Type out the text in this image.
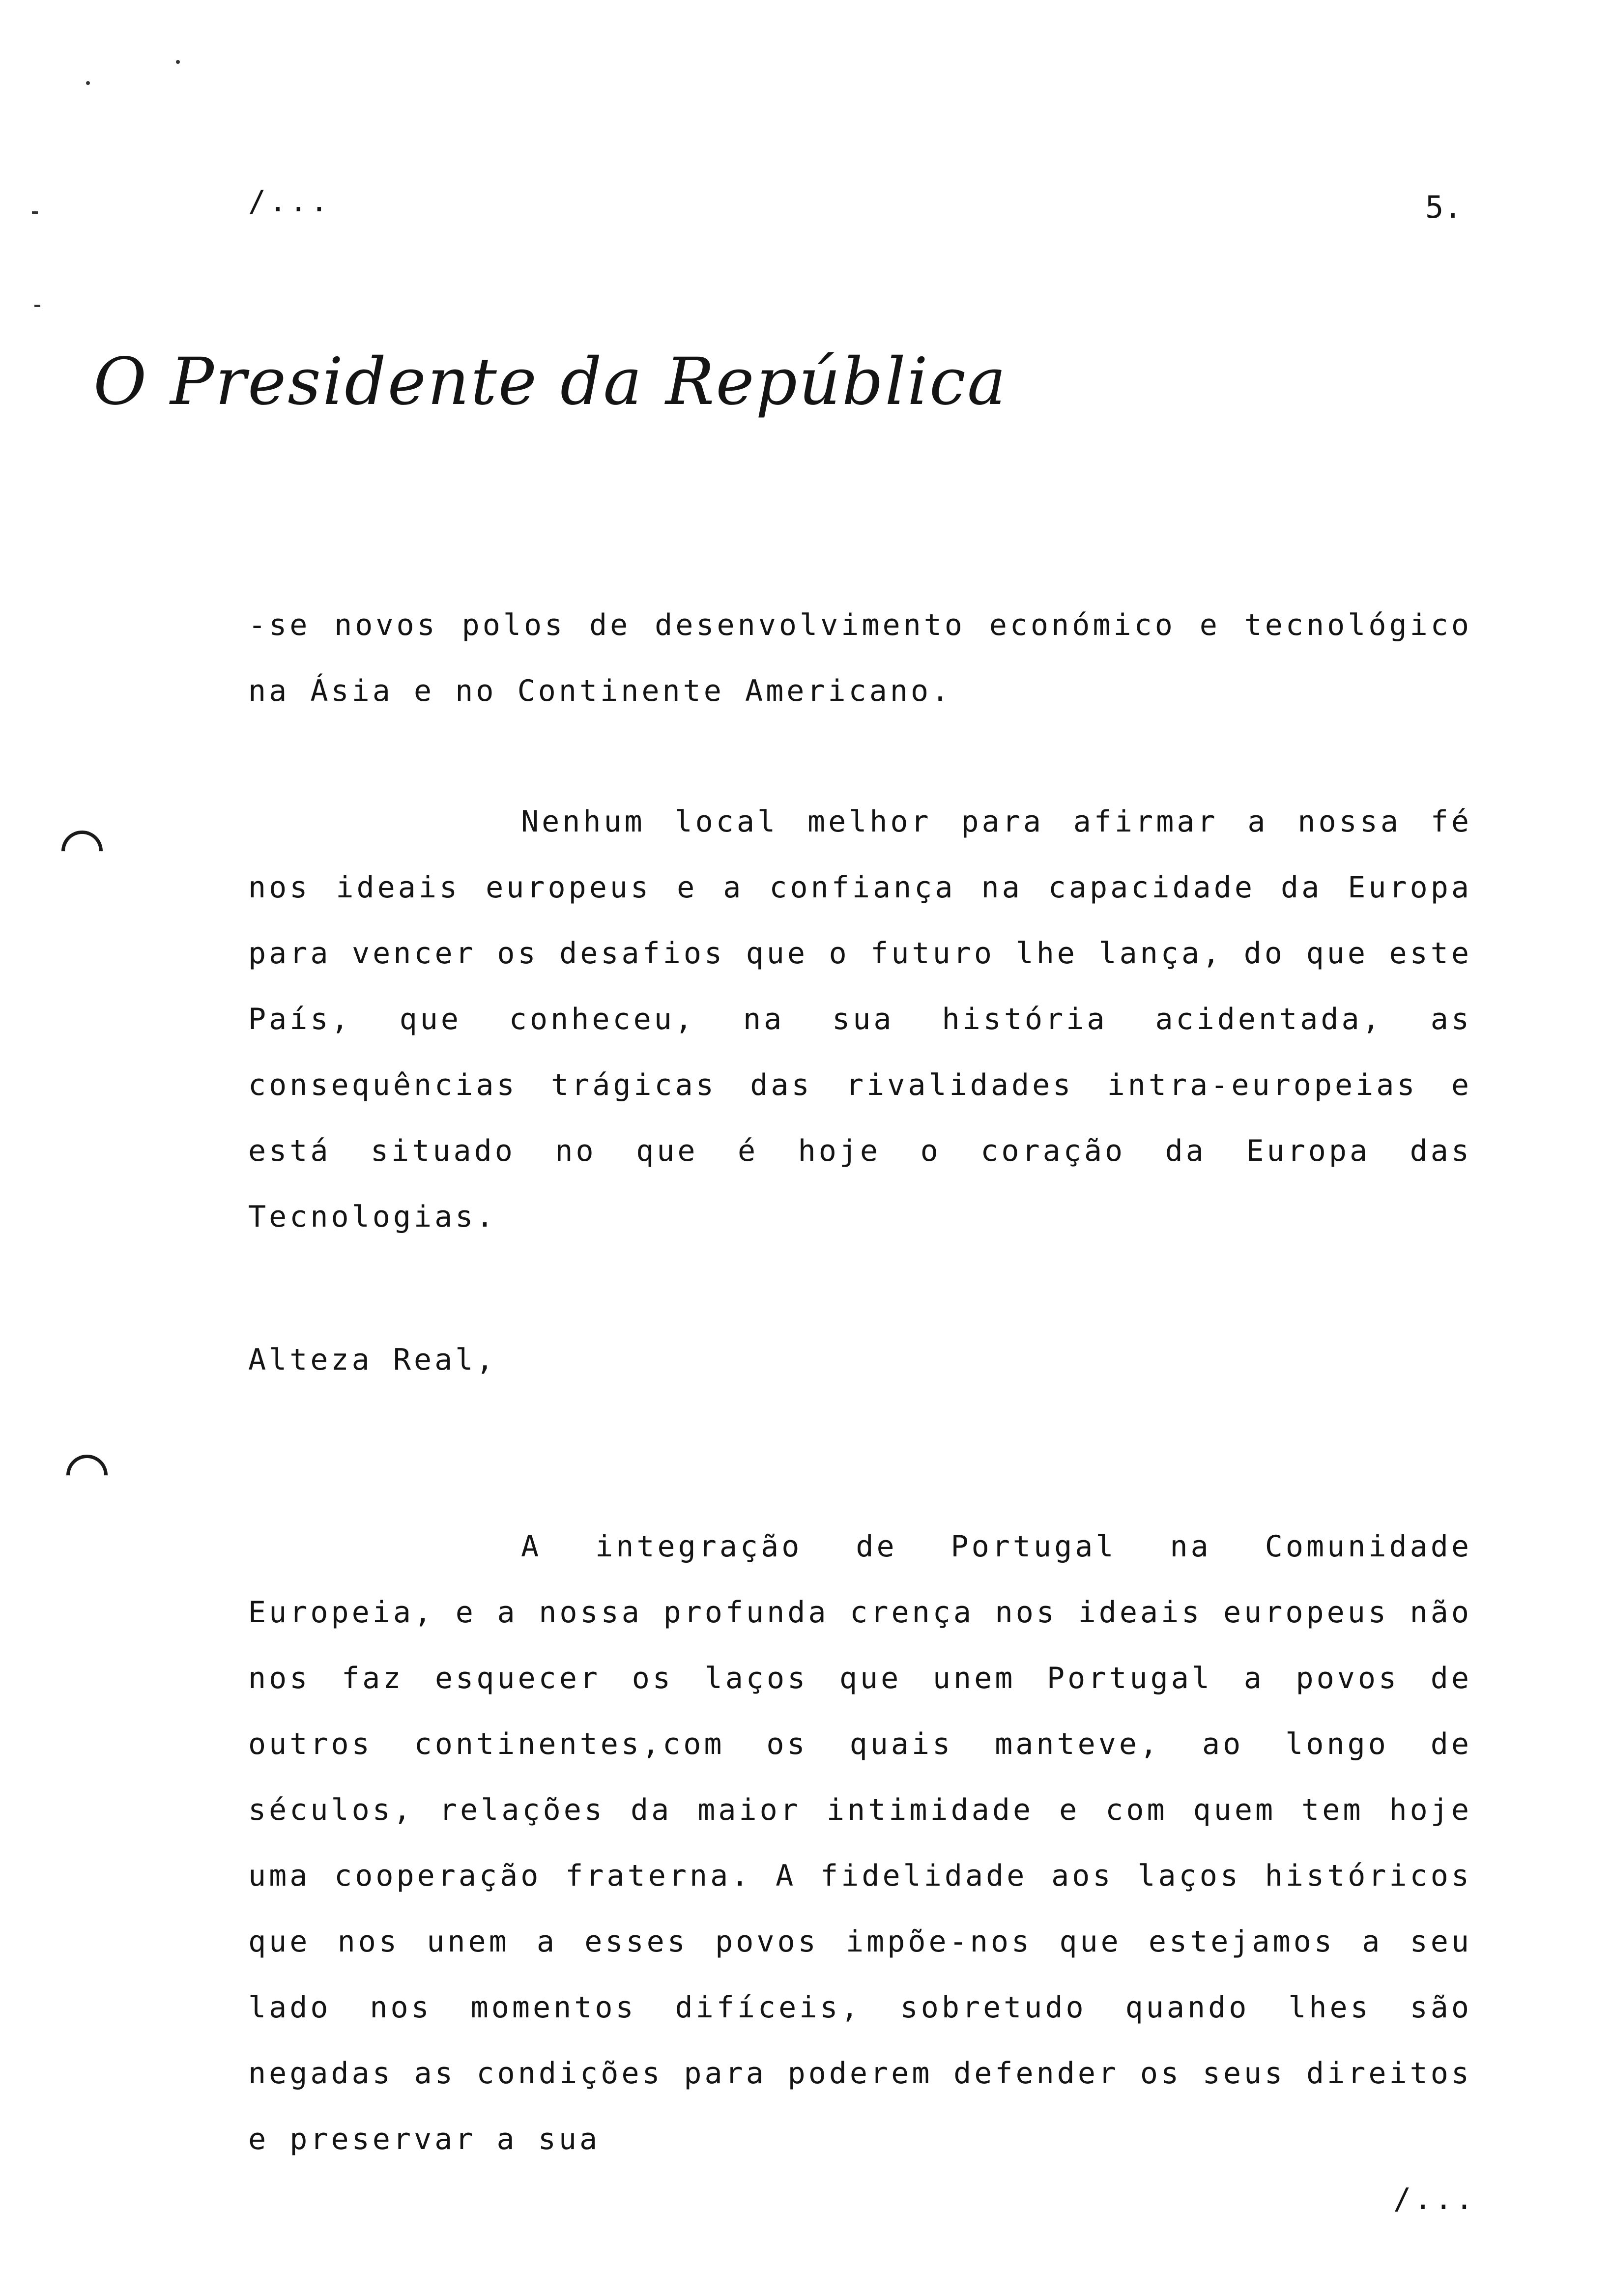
/...	5.
O Presidente da República

-se novos polos de desenvolvimento económico e tecnológico na Ásia e no Continente Americano.

Nenhum local melhor para afirmar a nossa fé nos ideais europeus e a confiança na capacidade da Europa para vencer os desafios que o futuro lhe lança, do que este País, que conheceu, na sua história acidentada, as consequências trágicas das rivalidades intra-europeias e está situado no que é hoje o coração da Europa das Tecnologias.

Alteza Real,

A integração de Portugal na Comunidade Europeia, e a nossa profunda crença nos ideais europeus não nos faz esquecer os laços que unem Portugal a povos de outros continentes,com os quais manteve, ao longo de séculos, relações da maior intimidade e com quem tem hoje uma cooperação fraterna. A fidelidade aos laços históricos que nos unem a esses povos impõe-nos que estejamos a seu lado nos momentos difíceis, sobretudo quando lhes são negadas as condições para poderem defender os seus direitos e preservar a sua

/...
